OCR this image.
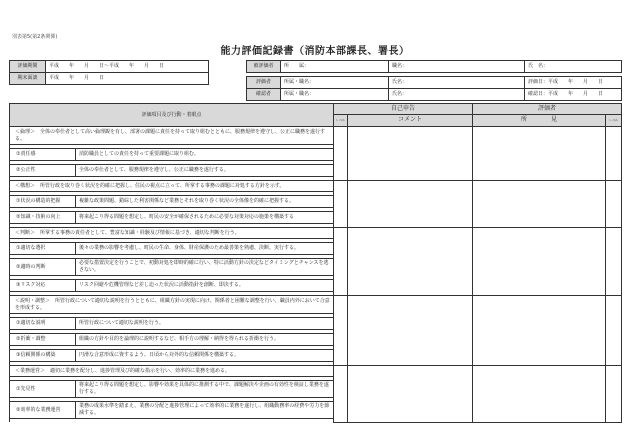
別表第5(第2条関係)
能力評価記録書（消防本部課長、署長）
評価期間	平成　　年　　月　　日〜平成　　年　　月　　日
期末面談	平成　　年　　月　　日
被評価者	所　　属：	職名：	氏　名：

評価者	所属・職名：	氏名：	評価日：平成　　年　　月　　日
確認者	所属・職名：	氏名：	確認日：平成　　年　　月　　日
評価項目及び行動・着眼点		自己申告		評価者	
		レベル	コメント	所　　　　見	レベル
＜倫理＞　全体の奉仕者として高い倫理観を有し、部署の課題に責任を持って取り組むとともに、服務規律を遵守し、公正に職務を遂行する。					

①責任感	消防職員としての責任を持って重要課題に取り組む。				

②公正性	全体の奉仕者として、服務規律を遵守し、公正に職務を遂行する。				

＜構想＞　所管行政を取り巻く状況を的確に把握し、住民の視点に立って、所掌する事務の課題に対処する方針を示す。					

①状況の構造的把握	複雑な政策問題、錯綜した利害関係など業務とそれを取り巻く状況の全体像を的確に把握する。				

②知識・技術の向上	将来起こり得る問題を想定し、町民の安全が確保されるために必要な対策対応の施策を構築する				

＜判断＞　所掌する事務の責任者として、豊富な知識・経験及び情報に基づき、適切な判断を行う。					

①適切な選択	後々の業務の影響を考慮し、町民の生命、身体、財産保護のため最善策を熟慮、決断、実行する。				

②適時の判断	必要な措置決定を行うことで、初動対処を即時的確に行い、特に活動方針の決定などタイミングとチャンスを逃さない。				

③リスク対応	リスク回避や危機管理など差し迫った状況に活動指針を創断、即決する。				

＜説明・調整＞　所管行政について適切な説明を行うとともに、組織方針の実現に向け、関係者と困難な調整を行い、職員内外において合意を形成する。					

①適切な説明	所管行政について適切な説明を行う。				

②折衝・調整	組織の方針や目的を論理的に説明するなど、相手方の理解・納得を得られる折衝を行う。				

③信頼関係の構築	円滑な合意形成に資するよう、日頃から対外的な信頼関係を構築する。				

＜業務運営＞　適切に業務を配分し、進捗管理及び的確な指示を行い、効率的に業務を進める。					

①先見性	将来起こり得る問題を想定し、影響や効果を具体的に推測する中で、課題解決や企画の有効性を検証し業務を遂行する。				

②効率的な業務運営	業務の成果水準を踏まえ、業務の分配と進捗管理によって効率的に業務を遂行し、組織動務率の経費や労力を節減する。				
